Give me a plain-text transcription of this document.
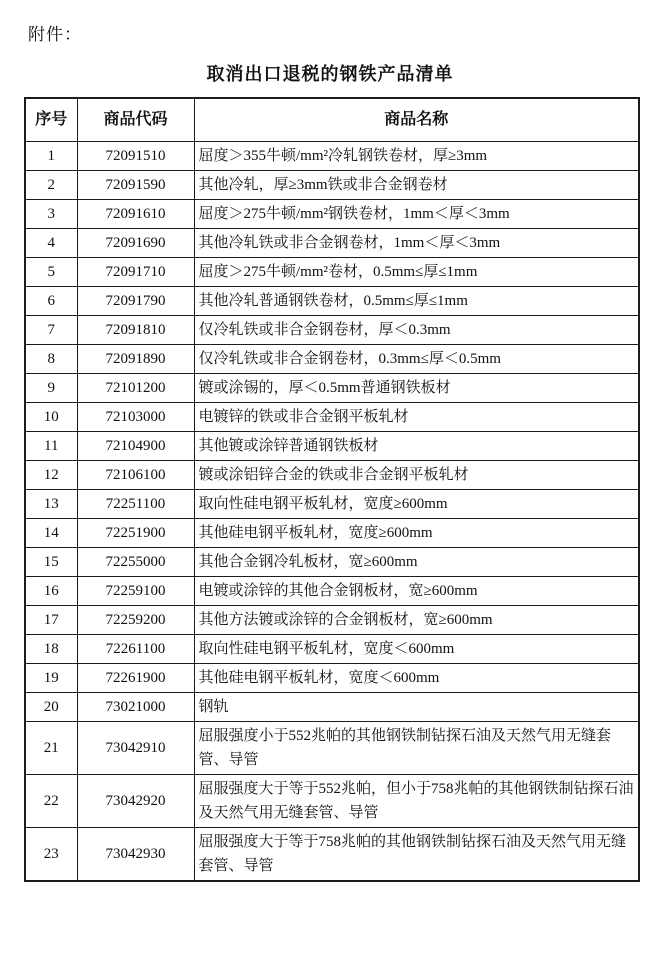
附件：
取消出口退税的钢铁产品清单
序号	商品代码	商品名称
1	72091510	屈度＞355牛顿/mm²冷轧钢铁卷材，厚≥3mm
2	72091590	其他冷轧，厚≥3mm铁或非合金钢卷材
3	72091610	屈度＞275牛顿/mm²钢铁卷材，1mm＜厚＜3mm
4	72091690	其他冷轧铁或非合金钢卷材，1mm＜厚＜3mm
5	72091710	屈度＞275牛顿/mm²卷材，0.5mm≤厚≤1mm
6	72091790	其他冷轧普通钢铁卷材，0.5mm≤厚≤1mm
7	72091810	仅冷轧铁或非合金钢卷材，厚＜0.3mm
8	72091890	仅冷轧铁或非合金钢卷材，0.3mm≤厚＜0.5mm
9	72101200	镀或涂锡的，厚＜0.5mm普通钢铁板材
10	72103000	电镀锌的铁或非合金钢平板轧材
11	72104900	其他镀或涂锌普通钢铁板材
12	72106100	镀或涂铝锌合金的铁或非合金钢平板轧材
13	72251100	取向性硅电钢平板轧材，宽度≥600mm
14	72251900	其他硅电钢平板轧材，宽度≥600mm
15	72255000	其他合金钢冷轧板材，宽≥600mm
16	72259100	电镀或涂锌的其他合金钢板材，宽≥600mm
17	72259200	其他方法镀或涂锌的合金钢板材，宽≥600mm
18	72261100	取向性硅电钢平板轧材，宽度＜600mm
19	72261900	其他硅电钢平板轧材，宽度＜600mm
20	73021000	钢轨
21	73042910	屈服强度小于552兆帕的其他钢铁制钻探石油及天然气用无缝套管、导管
22	73042920	屈服强度大于等于552兆帕，但小于758兆帕的其他钢铁制钻探石油及天然气用无缝套管、导管
23	73042930	屈服强度大于等于758兆帕的其他钢铁制钻探石油及天然气用无缝套管、导管
